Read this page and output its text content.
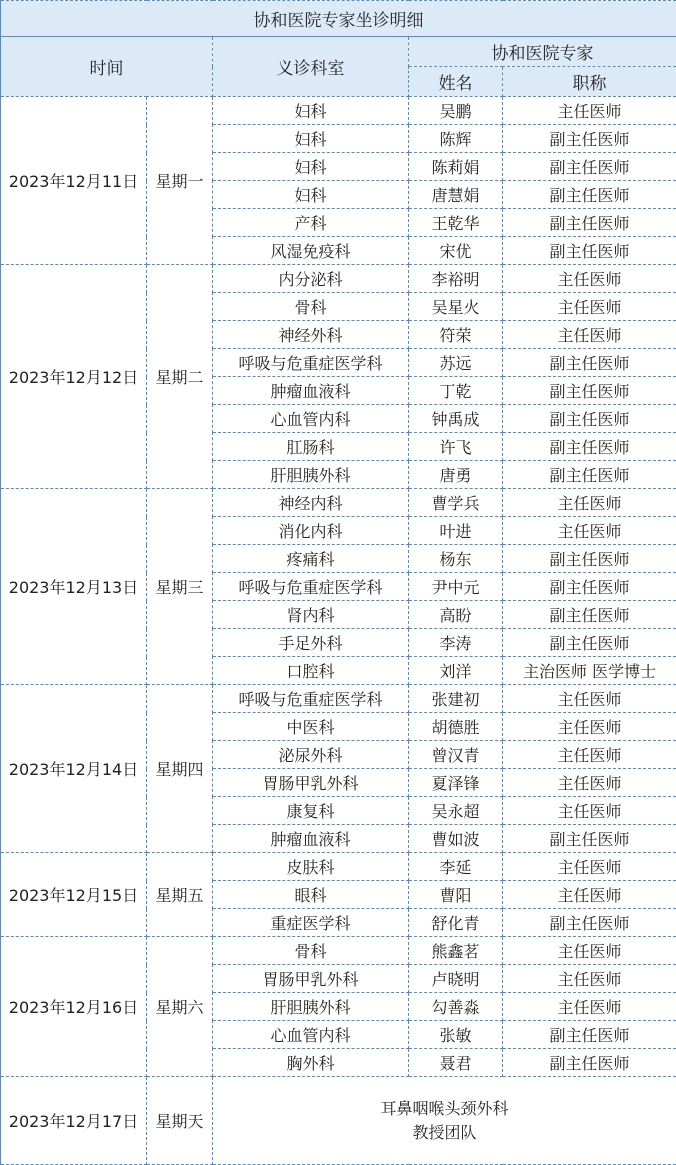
协和医院专家坐诊明细				
时间		义诊科室	协和医院专家	
			姓名	职称
2023年12月11日	星期一	妇科	吴鹏	主任医师
		妇科	陈辉	副主任医师
		妇科	陈莉娟	副主任医师
		妇科	唐慧娟	副主任医师
		产科	王乾华	副主任医师
		风湿免疫科	宋优	副主任医师
2023年12月12日	星期二	内分泌科	李裕明	主任医师
		骨科	吴星火	主任医师
		神经外科	符荣	主任医师
		呼吸与危重症医学科	苏远	副主任医师
		肿瘤血液科	丁乾	副主任医师
		心血管内科	钟禹成	副主任医师
		肛肠科	许飞	副主任医师
		肝胆胰外科	唐勇	副主任医师
2023年12月13日	星期三	神经内科	曹学兵	主任医师
		消化内科	叶进	主任医师
		疼痛科	杨东	副主任医师
		呼吸与危重症医学科	尹中元	副主任医师
		肾内科	高盼	副主任医师
		手足外科	李涛	副主任医师
		口腔科	刘洋	主治医师 医学博士
2023年12月14日	星期四	呼吸与危重症医学科	张建初	主任医师
		中医科	胡德胜	主任医师
		泌尿外科	曾汉青	主任医师
		胃肠甲乳外科	夏泽锋	主任医师
		康复科	吴永超	主任医师
		肿瘤血液科	曹如波	副主任医师
2023年12月15日	星期五	皮肤科	李延	主任医师
		眼科	曹阳	主任医师
		重症医学科	舒化青	副主任医师
2023年12月16日	星期六	骨科	熊鑫茗	主任医师
		胃肠甲乳外科	卢晓明	主任医师
		肝胆胰外科	勾善淼	主任医师
		心血管内科	张敏	副主任医师
		胸外科	聂君	副主任医师
2023年12月17日	星期天	耳鼻咽喉头颈外科
教授团队		
